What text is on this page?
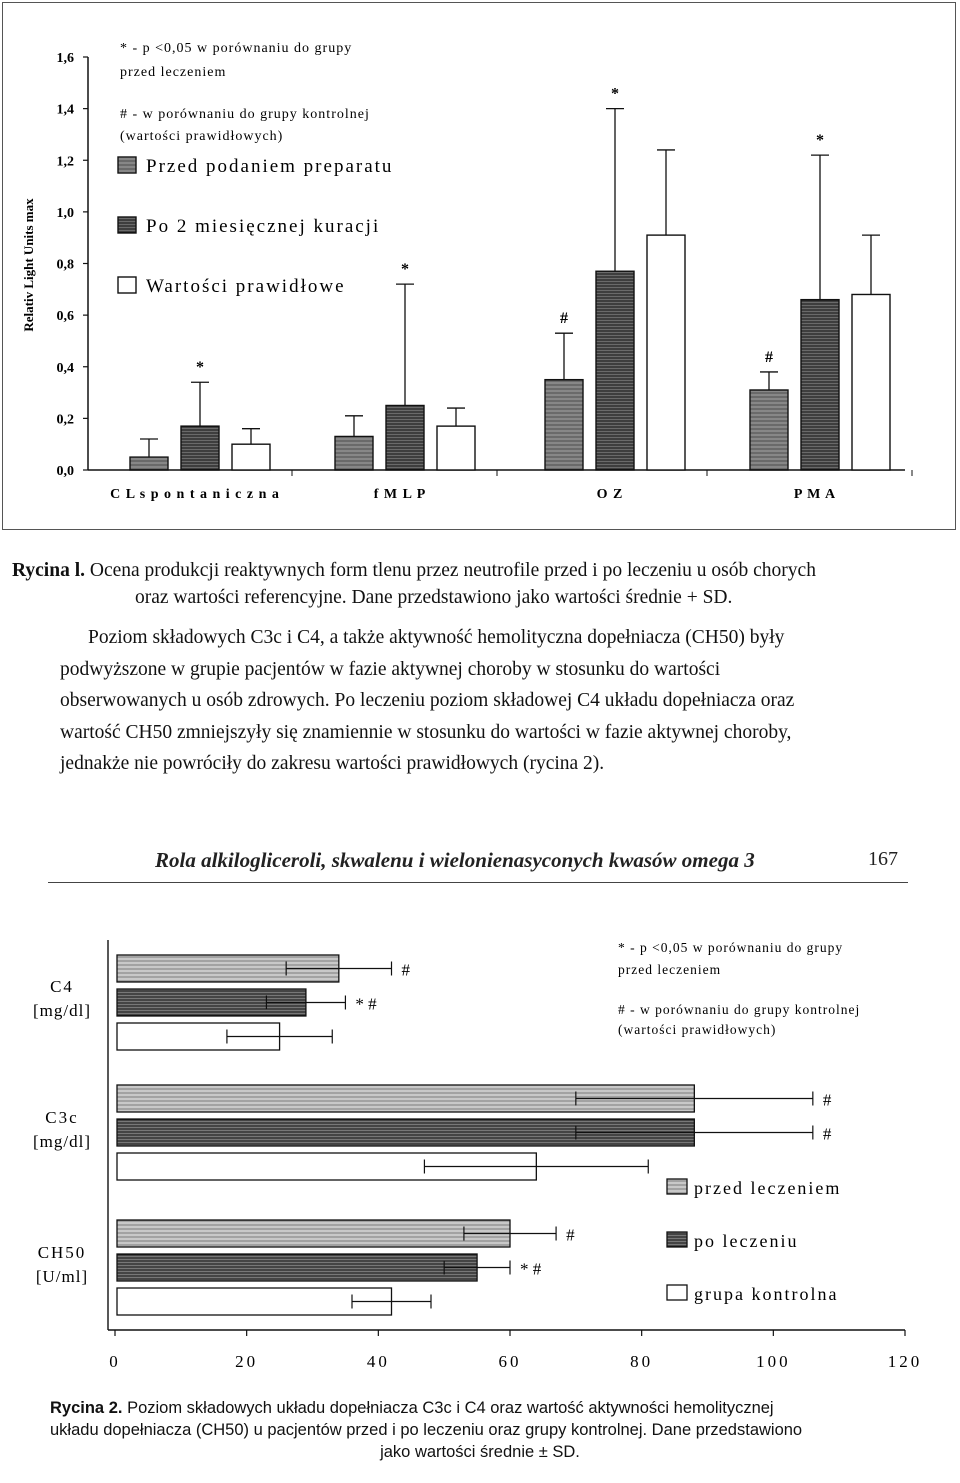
0,0
0,2
0,4
0,6
0,8
1,0
1,2
1,4
1,6
Relativ Light Units max
C L s p o n t a n i c z n a	f M L P	O Z	P M A
*
*
#
*
#
*
* - p <0,05 w porównaniu do grupy
przed leczeniem
# - w porównaniu do grupy kontrolnej
(wartości prawidłowych)
Przed podaniem preparatu
Po 2 miesięcznej kuracji
Wartości prawidłowe
0	20	40	60	80	100	120
C4
[mg/dl]
C3c
[mg/dl]
CH50
[U/ml]
#
* #
#
#
#
* #
* - p <0,05 w porównaniu do grupy
przed leczeniem
# - w porównaniu do grupy kontrolnej
(wartości prawidłowych)
przed leczeniem
po leczeniu
grupa kontrolna
Rycina l. Ocena produkcji reaktywnych form tlenu przez neutrofile przed i po leczeniu u osób chorych
oraz wartości referencyjne. Dane przedstawiono jako wartości średnie + SD.
Poziom składowych C3c i C4, a także aktywność hemolityczna dopełniacza (CH50) były
podwyższone w grupie pacjentów w fazie aktywnej choroby w stosunku do wartości
obserwowanych u osób zdrowych. Po leczeniu poziom składowej C4 układu dopełniacza oraz
wartość CH50 zmniejszyły się znamiennie w stosunku do wartości w fazie aktywnej choroby,
jednakże nie powróciły do zakresu wartości prawidłowych (rycina 2).
Rola alkiloglicerolі, skwalenu i wielonienasyconych kwasów omega 3	167
Rycina 2. Poziom składowych układu dopełniacza C3c i C4 oraz wartość aktywności hemolitycznej
układu dopełniacza (CH50) u pacjentów przed i po leczeniu oraz grupy kontrolnej. Dane przedstawiono
jako wartości średnie ± SD.
